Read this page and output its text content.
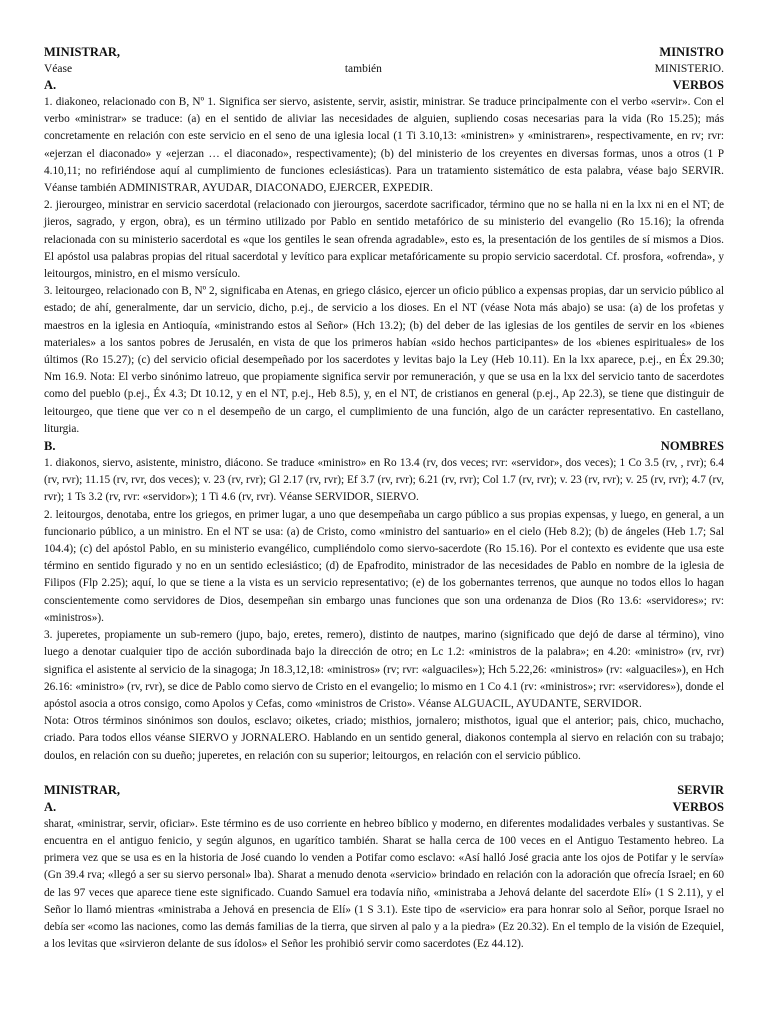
MINISTRAR,	MINISTRO
Véase	también	MINISTERIO.
A.	VERBOS

1. diakoneo, relacionado con B, Nº 1. Significa ser siervo, asistente, servir, asistir, ministrar. Se traduce principalmente con el verbo «servir». Con el verbo «ministrar» se traduce: (a) en el sentido de aliviar las necesidades de alguien, supliendo cosas necesarias para la vida (Ro 15.25); más concretamente en relación con este servicio en el seno de una iglesia local (1 Ti 3.10,13: «ministren» y «ministraren», respectivamente, en rv; rvr: «ejerzan el diaconado» y «ejerzan … el diaconado», respectivamente); (b) del ministerio de los creyentes en diversas formas, unos a otros (1 P 4.10,11; no refiriéndose aquí al cumplimiento de funciones eclesiásticas). Para un tratamiento sistemático de esta palabra, véase bajo SERVIR. Véanse también ADMINISTRAR, AYUDAR, DIACONADO, EJERCER, EXPEDIR.

2. jierourgeo, ministrar en servicio sacerdotal (relacionado con jierourgos, sacerdote sacrificador, término que no se halla ni en la lxx ni en el NT; de jieros, sagrado, y ergon, obra), es un término utilizado por Pablo en sentido metafórico de su ministerio del evangelio (Ro 15.16); la ofrenda relacionada con su ministerio sacerdotal es «que los gentiles le sean ofrenda agradable», esto es, la presentación de los gentiles de sí mismos a Dios. El apóstol usa palabras propias del ritual sacerdotal y levítico para explicar metafóricamente su propio servicio sacerdotal. Cf. prosfora, «ofrenda», y leitourgos, ministro, en el mismo versículo.

3. leitourgeo, relacionado con B, Nº 2, significaba en Atenas, en griego clásico, ejercer un oficio público a expensas propias, dar un servicio público al estado; de ahí, generalmente, dar un servicio, dicho, p.ej., de servicio a los dioses. En el NT (véase Nota más abajo) se usa: (a) de los profetas y maestros en la iglesia en Antioquía, «ministrando estos al Señor» (Hch 13.2); (b) del deber de las iglesias de los gentiles de servir en los «bienes materiales» a los santos pobres de Jerusalén, en vista de que los primeros habían «sido hechos participantes» de los «bienes espirituales» de los últimos (Ro 15.27); (c) del servicio oficial desempeñado por los sacerdotes y levitas bajo la Ley (Heb 10.11). En la lxx aparece, p.ej., en Éx 29.30; Nm 16.9. Nota: El verbo sinónimo latreuo, que propiamente significa servir por remuneración, y que se usa en la lxx del servicio tanto de sacerdotes como del pueblo (p.ej., Éx 4.3; Dt 10.12, y en el NT, p.ej., Heb 8.5), y, en el NT, de cristianos en general (p.ej., Ap 22.3), se tiene que distinguir de leitourgeo, que tiene que ver co n el desempeño de un cargo, el cumplimiento de una función, algo de un carácter representativo. En castellano, liturgia.

B.	NOMBRES

1. diakonos, siervo, asistente, ministro, diácono. Se traduce «ministro» en Ro 13.4 (rv, dos veces; rvr: «servidor», dos veces); 1 Co 3.5 (rv, , rvr); 6.4 (rv, rvr); 11.15 (rv, rvr, dos veces); v. 23 (rv, rvr); Gl 2.17 (rv, rvr); Ef 3.7 (rv, rvr); 6.21 (rv, rvr); Col 1.7 (rv, rvr); v. 23 (rv, rvr); v. 25 (rv, rvr); 4.7 (rv, rvr); 1 Ts 3.2 (rv, rvr: «servidor»); 1 Ti 4.6 (rv, rvr). Véanse SERVIDOR, SIERVO.

2. leitourgos, denotaba, entre los griegos, en primer lugar, a uno que desempeñaba un cargo público a sus propias expensas, y luego, en general, a un funcionario público, a un ministro. En el NT se usa: (a) de Cristo, como «ministro del santuario» en el cielo (Heb 8.2); (b) de ángeles (Heb 1.7; Sal 104.4); (c) del apóstol Pablo, en su ministerio evangélico, cumpliéndolo como siervo-sacerdote (Ro 15.16). Por el contexto es evidente que usa este término en sentido figurado y no en un sentido eclesiástico; (d) de Epafrodito, ministrador de las necesidades de Pablo en nombre de la iglesia de Filipos (Flp 2.25); aquí, lo que se tiene a la vista es un servicio representativo; (e) de los gobernantes terrenos, que aunque no todos ellos lo hagan conscientemente como servidores de Dios, desempeñan sin embargo unas funciones que son una ordenanza de Dios (Ro 13.6: «servidores»; rv: «ministros»).

3. juperetes, propiamente un sub-remero (jupo, bajo, eretes, remero), distinto de nautpes, marino (significado que dejó de darse al término), vino luego a denotar cualquier tipo de acción subordinada bajo la dirección de otro; en Lc 1.2: «ministros de la palabra»; en 4.20: «ministro» (rv, rvr) significa el asistente al servicio de la sinagoga; Jn 18.3,12,18: «ministros» (rv; rvr: «alguaciles»); Hch 5.22,26: «ministros» (rv: «alguaciles»), en Hch 26.16: «ministro» (rv, rvr), se dice de Pablo como siervo de Cristo en el evangelio; lo mismo en 1 Co 4.1 (rv: «ministros»; rvr: «servidores»), donde el apóstol asocia a otros consigo, como Apolos y Cefas, como «ministros de Cristo». Véanse ALGUACIL, AYUDANTE, SERVIDOR.

Nota: Otros términos sinónimos son doulos, esclavo; oiketes, criado; misthios, jornalero; misthotos, igual que el anterior; pais, chico, muchacho, criado. Para todos ellos véanse SIERVO y JORNALERO. Hablando en un sentido general, diakonos contempla al siervo en relación con su trabajo; doulos, en relación con su dueño; juperetes, en relación con su superior; leitourgos, en relación con el servicio público.

MINISTRAR,	SERVIR
A.	VERBOS

sharat, «ministrar, servir, oficiar». Este término es de uso corriente en hebreo bíblico y moderno, en diferentes modalidades verbales y sustantivas. Se encuentra en el antiguo fenicio, y según algunos, en ugarítico también. Sharat se halla cerca de 100 veces en el Antiguo Testamento hebreo. La primera vez que se usa es en la historia de José cuando lo venden a Potifar como esclavo: «Así halló José gracia ante los ojos de Potifar y le servía» (Gn 39.4 rva; «llegó a ser su siervo personal» lba). Sharat a menudo denota «servicio» brindado en relación con la adoración que ofrecía Israel; en 60 de las 97 veces que aparece tiene este significado. Cuando Samuel era todavía niño, «ministraba a Jehová delante del sacerdote Elí» (1 S 2.11), y el Señor lo llamó mientras «ministraba a Jehová en presencia de Elí» (1 S 3.1). Este tipo de «servicio» era para honrar solo al Señor, porque Israel no debía ser «como las naciones, como las demás familias de la tierra, que sirven al palo y a la piedra» (Ez 20.32). En el templo de la visión de Ezequiel, a los levitas que «sirvieron delante de sus ídolos» el Señor les prohibió servir como sacerdotes (Ez 44.12).
